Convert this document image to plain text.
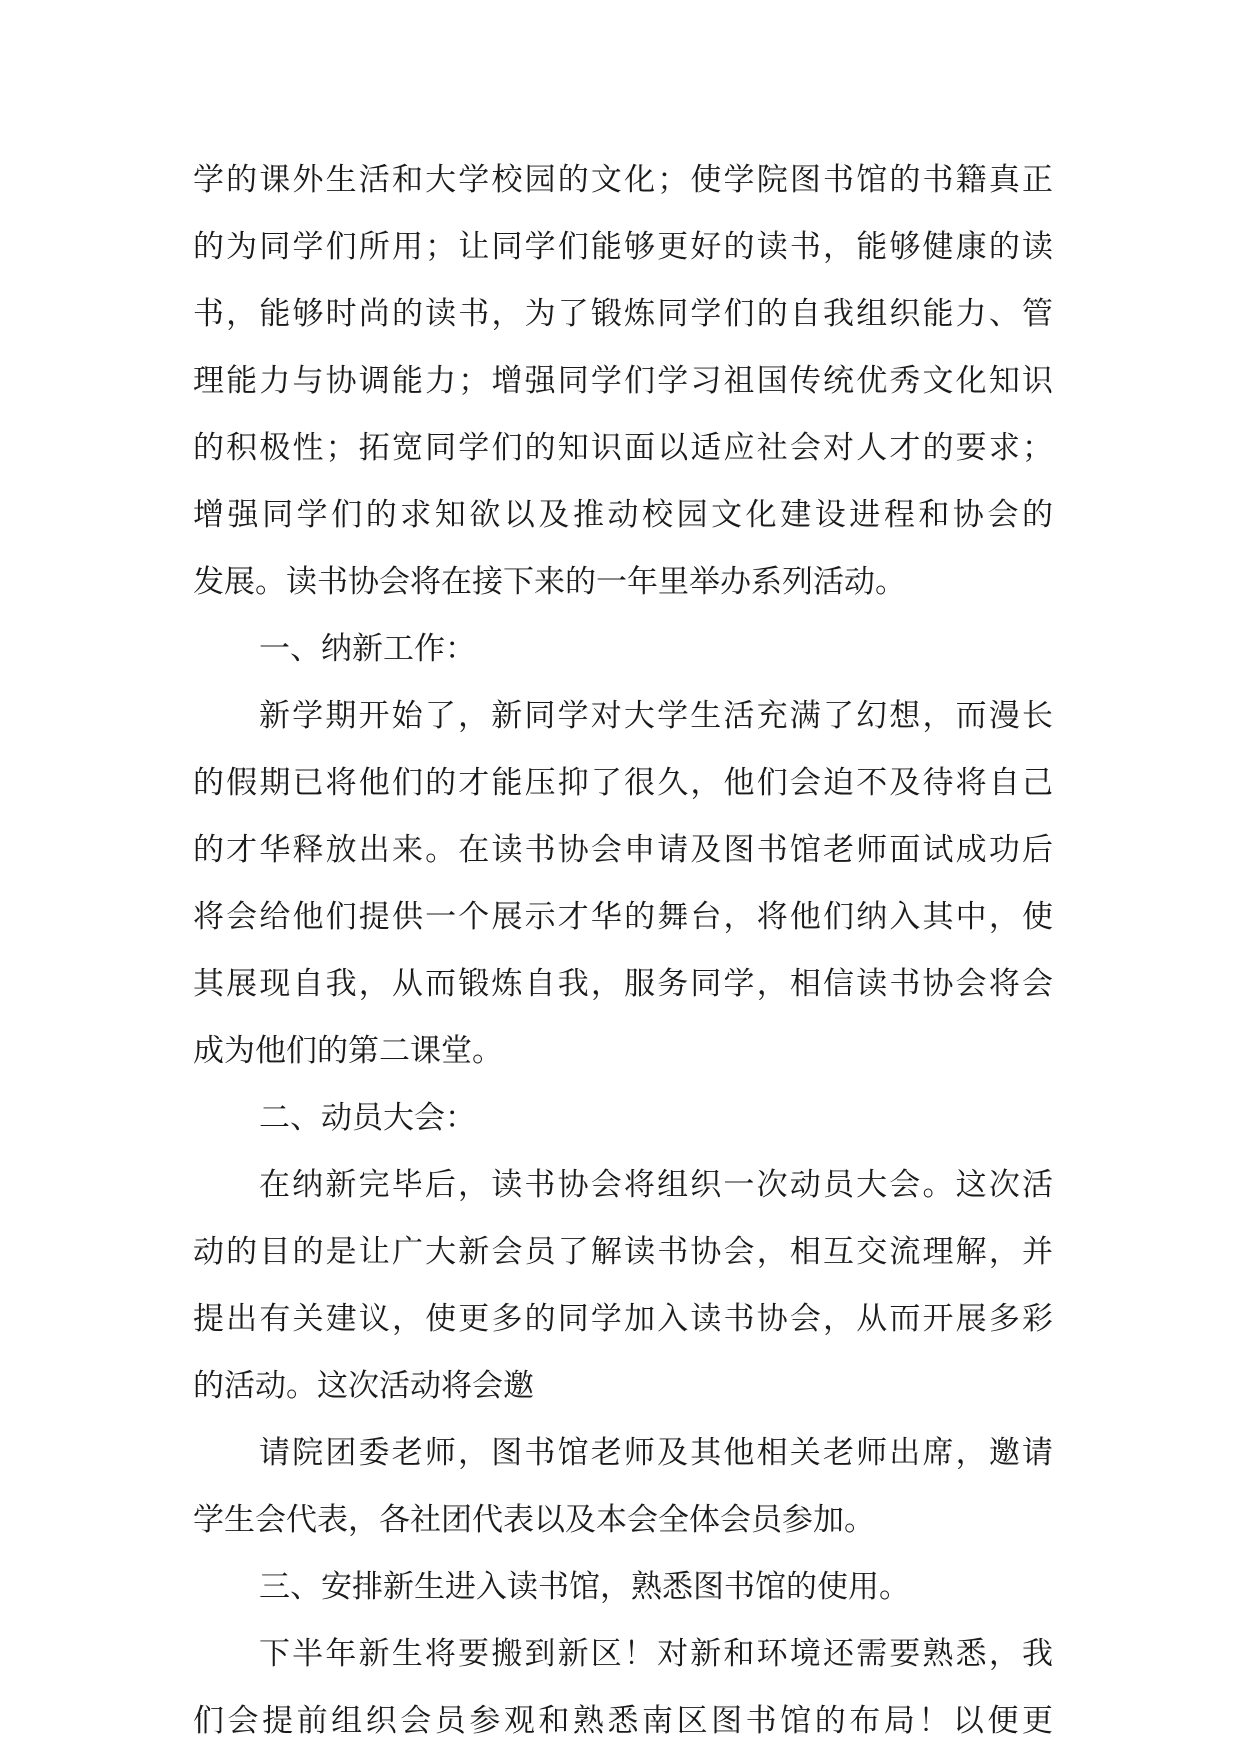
学的课外生活和大学校园的文化；使学院图书馆的书籍真正
的为同学们所用；让同学们能够更好的读书，能够健康的读
书，能够时尚的读书，为了锻炼同学们的自我组织能力、管
理能力与协调能力；增强同学们学习祖国传统优秀文化知识
的积极性；拓宽同学们的知识面以适应社会对人才的要求；
增强同学们的求知欲以及推动校园文化建设进程和协会的
发展。读书协会将在接下来的一年里举办系列活动。
一、纳新工作：
新学期开始了，新同学对大学生活充满了幻想，而漫长
的假期已将他们的才能压抑了很久，他们会迫不及待将自己
的才华释放出来。在读书协会申请及图书馆老师面试成功后
将会给他们提供一个展示才华的舞台，将他们纳入其中，使
其展现自我，从而锻炼自我，服务同学，相信读书协会将会
成为他们的第二课堂。
二、动员大会：
在纳新完毕后，读书协会将组织一次动员大会。这次活
动的目的是让广大新会员了解读书协会，相互交流理解，并
提出有关建议，使更多的同学加入读书协会，从而开展多彩
的活动。这次活动将会邀
请院团委老师，图书馆老师及其他相关老师出席，邀请
学生会代表，各社团代表以及本会全体会员参加。
三、安排新生进入读书馆，熟悉图书馆的使用。
下半年新生将要搬到新区！对新和环境还需要熟悉，我
们会提前组织会员参观和熟悉南区图书馆的布局！以便更
